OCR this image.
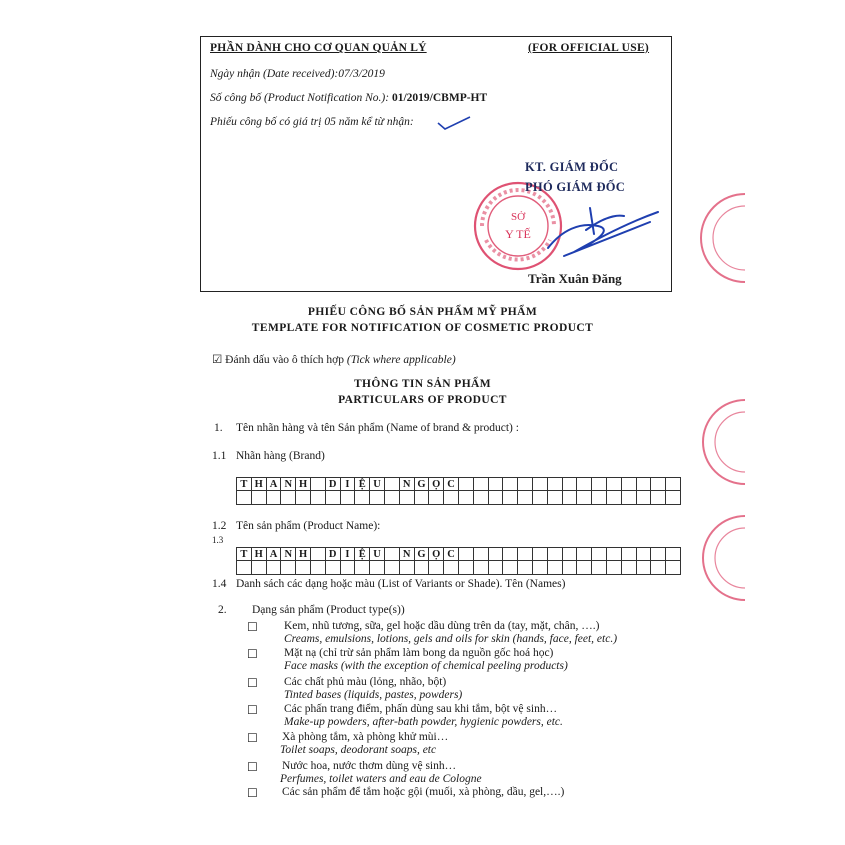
PHẦN DÀNH CHO CƠ QUAN QUẢN LÝ	(FOR OFFICIAL USE)
Ngày nhận (Date received):07/3/2019
Số công bố (Product Notification No.): 01/2019/CBMP-HT
Phiếu công bố có giá trị 05 năm kể từ nhận:
SỞ
Y TẾ
KT. GIÁM ĐỐC
PHÓ GIÁM ĐỐC
Trần Xuân Đăng
PHIẾU CÔNG BỐ SẢN PHẨM MỸ PHẨM
TEMPLATE FOR NOTIFICATION OF COSMETIC PRODUCT
☑ Đánh dấu vào ô thích hợp (Tick where applicable)
THÔNG TIN SẢN PHẨM
PARTICULARS OF PRODUCT
1. Tên nhãn hàng và tên Sản phẩm (Name of brand & product) :
1.1 Nhãn hàng (Brand)
T H A N H	D I Ệ U	N G Ọ C
1.2 Tên sản phẩm (Product Name):
1.3
T H A N H	D I Ệ U	N G Ọ C
1.4 Danh sách các dạng hoặc màu (List of Variants or Shade). Tên (Names)
2. Dạng sản phẩm (Product type(s))
☐ Kem, nhũ tương, sữa, gel hoặc dầu dùng trên da (tay, mặt, chân, ….)
Creams, emulsions, lotions, gels and oils for skin (hands, face, feet, etc.)
☐ Mặt nạ (chỉ trừ sản phẩm làm bong da nguồn gốc hoá học)
Face masks (with the exception of chemical peeling products)
☐ Các chất phủ màu (lỏng, nhão, bột)
Tinted bases (liquids, pastes, powders)
☐ Các phấn trang điểm, phấn dùng sau khi tắm, bột vệ sinh…
Make-up powders, after-bath powder, hygienic powders, etc.
☐ Xà phòng tắm, xà phòng khử mùi…
Toilet soaps, deodorant soaps, etc
☐ Nước hoa, nước thơm dùng vệ sinh…
Perfumes, toilet waters and eau de Cologne
☐ Các sản phẩm để tắm hoặc gội (muối, xà phòng, dầu, gel,….)
